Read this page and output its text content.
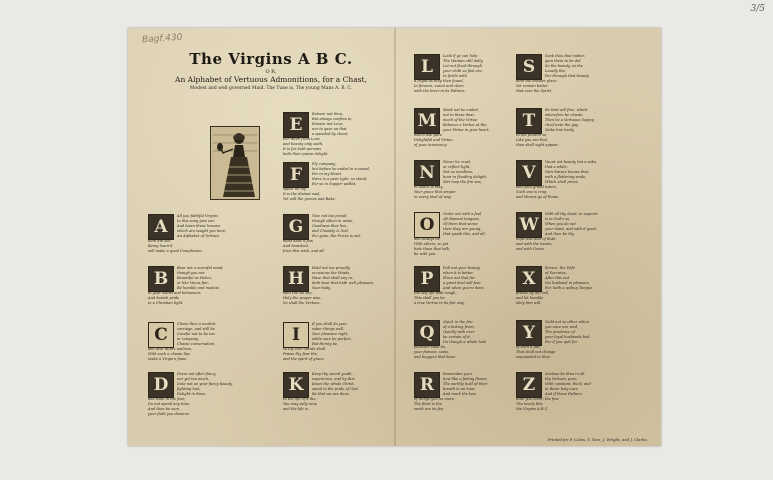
3/5
Bagf.430
The Virgins A B C.
O R,
An Alphabet of Vertuous Admonitions, for a Chast,
Modest and well governed Maid. The Tune is, The young Mans A. B. C.
A
All you faithful Virgins
to this song give ear,
And learn these lessons
which are taught you here;
An Alphabet of Vertues
here are set,
Being learn'd
will make a good Complexion.
B
Bear not a scornful mind,
though you are
Beautiful as Helen,
or like Venus fair,
Be humble and modest,
in your words and behaviour,
And banish pride
in a Christian light.
C
Chuse then a modest
carriage, and still be
Careful not to be too
in company;
Chaste conversation,
and also words undress,
With such a chaste lips
make a Virgin's fame.
D
Dress not after fancy,
nor yet too much,
Dote not on your fancy beauty,
fighting lust;
Delight in Ease,
and walk in the fear,
Do not spend any time,
And then be sure,
your faith you deserve.
E
Esteem not thou,
But always confess to,
Esteem not Love,
nor to gaze on that
a speeded by cheat;
For when from Love
and beauty only saith,
It is for both persons
both their praise delight.
F
Fly company,
but before be ended in a sound,
For in my Heart
there is a poor Lyde, so stand,
For so in Supper walkst,
speed be my
It is the distant soul,
Yet will the graces and Bake.
G
Give not too proud,
though silken in wane,
Goodness thee lies,
and Chastity & God,
For gone, the Prizes is out,
must have a Jew,
And banished,
from this wish, and all.
H
Hold not too proudly,
occasions the Winds,
Have that shall any in,
doth bear that hath well pleasure,
Your body,
with the sin the,
Holy the prayer was,
So shall the Vertues.
I
If you shall do your
sober things well,
Your pleasure right,
while sure be perfect,
But thirsty be,
so thy ever words shall
Praise thy fear the,
and the spirit of grace.
K
Keep thy sound youth,
experience, and by this
Know the whole Christ,
stand in the pride of God,
Be that we are done,
to the life of a the,
You may sally now,
and the life is.
L
Look if ye can help
The Wantan still dally,
Let not flood through
your cloth so fast are,
In fickle with
a fright as they then found,
In flowers, sweet and clear,
with the lever in its Fathers.
M
Mark not be ended,
not to these dear,
much of the Virtue
Behaves a Vertue at the,
your Virtue in your heart,
which will pure
Delightful and Virtue,
of your innocency.
N
Never be cruel,
or reflect light,
Not so needless,
hour in flooding delight.
Met trap the fire sea,
in dance is may,
Your grace that proper
in every kind of way.
O
Order not with a fool
oft Rawent tongues,
Of them that sense
their they are young,
that speak this, and all,
and always be
With others, so yet
hate them that talk,
be with you.
P
Pull out your beauty,
when it is better,
Place not that for
a great deal will fear
And when you're done,
the self life with rough,
This shall you be
a true Vertue in its fair way.
Q
Quick in the fire
of a linking fever,
Quietly with ever
be certain of it,
Do though a whole look
pleasure shall be,
your famous, some,
and beggers that have.
R
Remember your
how like a fading flower,
The earthly hold of their
breath in an hour,
And mark the loss
of things you no more,
The flesh is the
earth are its fee.
S
Seek thou that rather,
gain them to be did
So the beauty, so the
Leasily the,
For through that beauty
both the answer place,
Yet remain better
that ever the Spirit.
T
Be that will free, which
wherefore be chaste,
Then be a Vertuous Saying
chief unto the gay,
Make but lovely
to the flowers ve,
Like you are that
than shall sight appear.
V
Vaunt not beauty but a sake,
that a while,
Vain Nature knows that,
with a flattering smile,
Which shall prove
and with grand tutors,
Such one is crop,
and Worms go of Rome.
W
With all thy Saint, to expects
is in God's so,
When you do not
your Saint, and with it good,
And then be thy
hope and also of Both,
and with the Saints,
and with Grace.
X
Xerxes, the Wife
of Socrates,
After this not
the husband in pleasure,
For, both a sailing Tongue
prattle by her tell,
and let humble
obey him will.
Y
Yield not so other, when
you once are wed,
The prudence of
your loyal husbands bed,
For if you quit for
of such a fair,
That shall not change
expounded to thee.
Z
Zealous be then in all
thy Vertues, pure,
With constant, thick, and
in these holy ever,
And if these Fathers
until you learn, the fine
The lovely this
the Virgins A B C.
Printed for F. Coles, T. Vere, J. Wright, and J. Clarke.
